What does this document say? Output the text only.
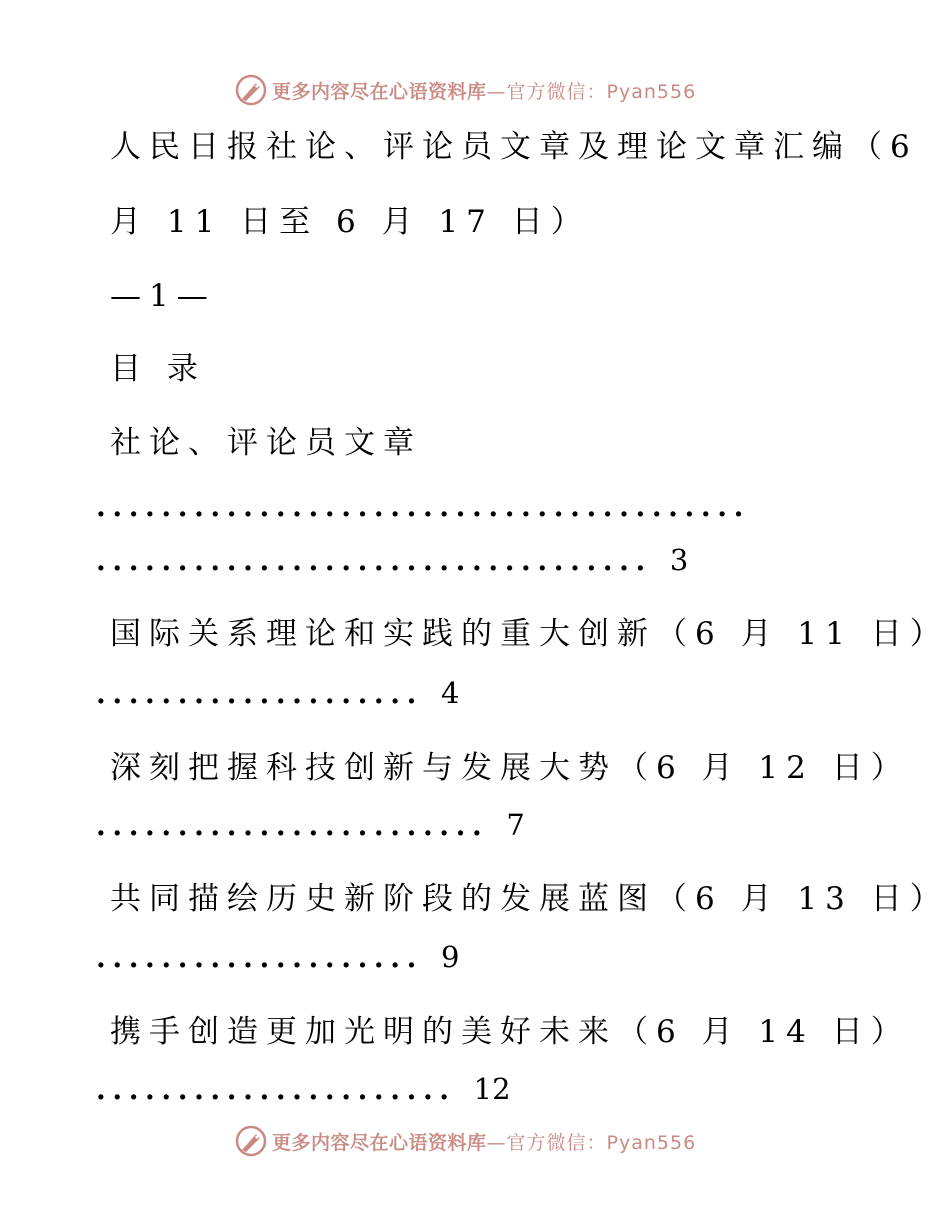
更多内容尽在心语资料库 —官方微信：Pyan556
人民日报社论、评论员文章及理论文章汇编（6
月 11 日至 6 月 17 日）
—1—
目 录
社论、评论员文章
........................................
.................................. 3
国际关系理论和实践的重大创新（6 月 11 日）
.................... 4
深刻把握科技创新与发展大势（6 月 12 日）
........................ 7
共同描绘历史新阶段的发展蓝图（6 月 13 日）
.................... 9
携手创造更加光明的美好未来（6 月 14 日）
...................... 12
更多内容尽在心语资料库 —官方微信：Pyan556
